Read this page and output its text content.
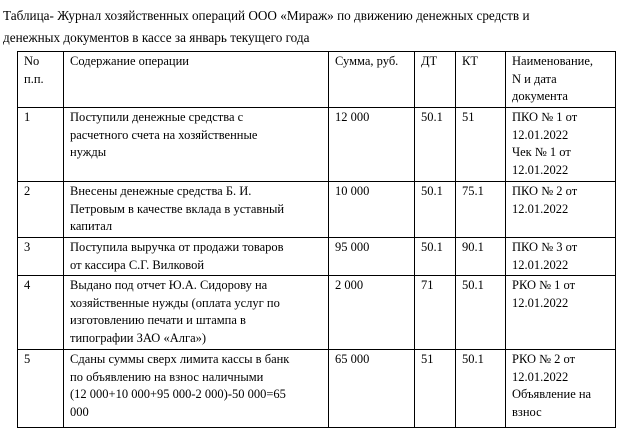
Таблица- Журнал хозяйственных операций ООО «Мираж» по движению денежных средств и
денежных документов в кассе за январь текущего года
No
п.п.	Содержание операции	Сумма, руб.	ДТ	КТ	Наименование,
N и дата
документа

1	Поступили денежные средства с
расчетного счета на хозяйственные
нужды	12 000	50.1	51	ПКО № 1 от
12.01.2022
Чек № 1 от
12.01.2022

2	Внесены денежные средства Б. И.
Петровым в качестве вклада в уставный
капитал	10 000	50.1	75.1	ПКО № 2 от
12.01.2022

3	Поступила выручка от продажи товаров
от кассира С.Г. Вилковой	95 000	50.1	90.1	ПКО № 3 от
12.01.2022

4	Выдано под отчет Ю.А. Сидорову на
хозяйственные нужды (оплата услуг по
изготовлению печати и штампа в
типографии ЗАО «Алга»)	2 000	71	50.1	РКО № 1 от
12.01.2022

5	Сданы суммы сверх лимита кассы в банк
по объявлению на взнос наличными
(12 000+10 000+95 000-2 000)-50 000=65
000	65 000	51	50.1	РКО № 2 от
12.01.2022
Объявление на
взнос
